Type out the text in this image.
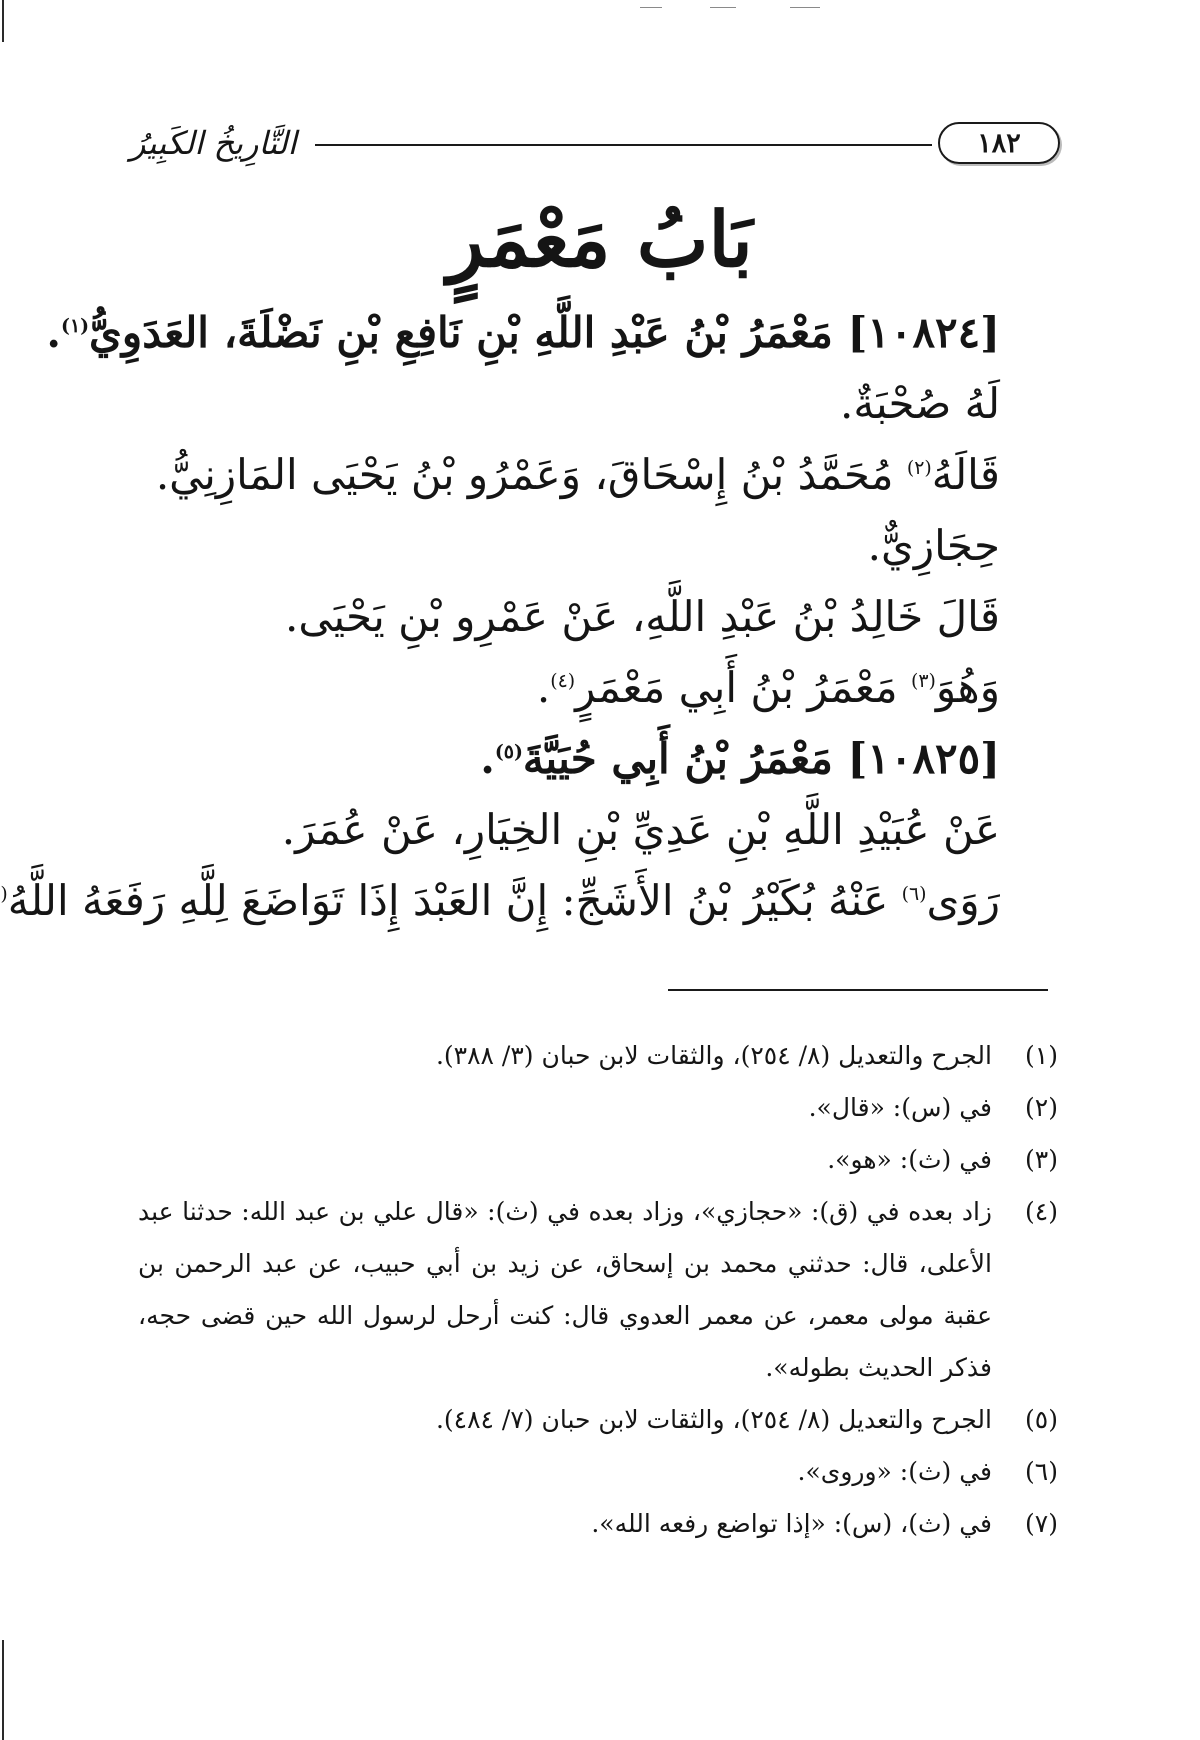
التَّارِيخُ الكَبِيرُ	١٨٢
بَابُ مَعْمَرٍ
[١٠٨٢٤] مَعْمَرُ بْنُ عَبْدِ اللَّهِ بْنِ نَافِعِ بْنِ نَضْلَةَ، العَدَوِيُّ$^{(١)}$.
لَهُ صُحْبَةٌ.
قَالَهُ$^{(٢)}$ مُحَمَّدُ بْنُ إِسْحَاقَ، وَعَمْرُو بْنُ يَحْيَى المَازِنِيُّ.
حِجَازِيٌّ.
قَالَ خَالِدُ بْنُ عَبْدِ اللَّهِ، عَنْ عَمْرِو بْنِ يَحْيَى.
وَهُوَ$^{(٣)}$ مَعْمَرُ بْنُ أَبِي مَعْمَرٍ$^{(٤)}$.
[١٠٨٢٥] مَعْمَرُ بْنُ أَبِي حُيَيَّةَ$^{(٥)}$.
عَنْ عُبَيْدِ اللَّهِ بْنِ عَدِيِّ بْنِ الخِيَارِ، عَنْ عُمَرَ.
رَوَى$^{(٦)}$ عَنْهُ بُكَيْرُ بْنُ الأَشَجِّ: إِنَّ العَبْدَ إِذَا تَوَاضَعَ لِلَّهِ رَفَعَهُ اللَّهُ(
(١)
الجرح والتعديل (٨/ ٢٥٤)، والثقات لابن حبان (٣/ ٣٨٨).
(٢)
في (س): «قال».
(٣)
في (ث): «هو».
(٤)
زاد بعده في (ق): «حجازي»، وزاد بعده في (ث): «قال علي بن عبد الله: حدثنا عبد الأعلى، قال: حدثني محمد بن إسحاق، عن زيد بن أبي حبيب، عن عبد الرحمن بن عقبة مولى معمر، عن معمر العدوي قال: كنت أرحل لرسول الله حين قضى حجه، فذكر الحديث بطوله».
(٥)
الجرح والتعديل (٨/ ٢٥٤)، والثقات لابن حبان (٧/ ٤٨٤).
(٦)
في (ث): «وروى».
(٧)
في (ث)، (س): «إذا تواضع رفعه الله».
